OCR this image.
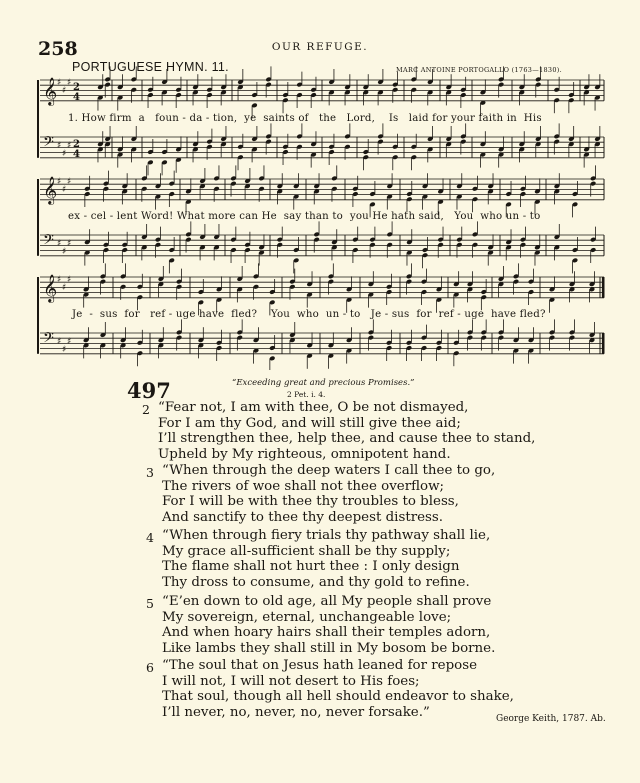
258	OUR REFUGE.
PORTUGUESE HYMN. 11.	MARC ANTOINE PORTOGALLO (1763—1830).
𝄞 ♯
♯
♯ 2
4
𝄢 ♯
♯
♯ 2
4
𝄞 ♯
♯
♯
𝄢 ♯
♯
♯
𝄞 ♯
♯
♯
𝄢 ♯
♯
♯
1. How firm  a   foun - da - tion,  ye  saints of   the   Lord,    Is   laid for your faith in  His
ex - cel - lent Word! What more can He  say than to  you He hath said,   You  who un - to
Je  -  sus  for   ref - uge have  fled?    You  who  un - to   Je - sus  for  ref - uge  have fled?
497	“Exceeding great and precious Promises.”
2 Pet. i. 4.
2 “Fear not, I am with thee, O be not dismayed,
For I am thy God, and will still give thee aid;
I’ll strengthen thee, help thee, and cause thee to stand,
Upheld by My righteous, omnipotent hand.
3 “When through the deep waters I call thee to go,
The rivers of woe shall not thee overflow;
For I will be with thee thy troubles to bless,
And sanctify to thee thy deepest distress.
4 “When through fiery trials thy pathway shall lie,
My grace all-sufficient shall be thy supply;
The flame shall not hurt thee : I only design
Thy dross to consume, and thy gold to refine.
5 “E’en down to old age, all My people shall prove
My sovereign, eternal, unchangeable love;
And when hoary hairs shall their temples adorn,
Like lambs they shall still in My bosom be borne.
6 “The soul that on Jesus hath leaned for repose
I will not, I will not desert to His foes;
That soul, though all hell should endeavor to shake,
I’ll never, no, never, no, never forsake.”	George Keith, 1787. Ab.
